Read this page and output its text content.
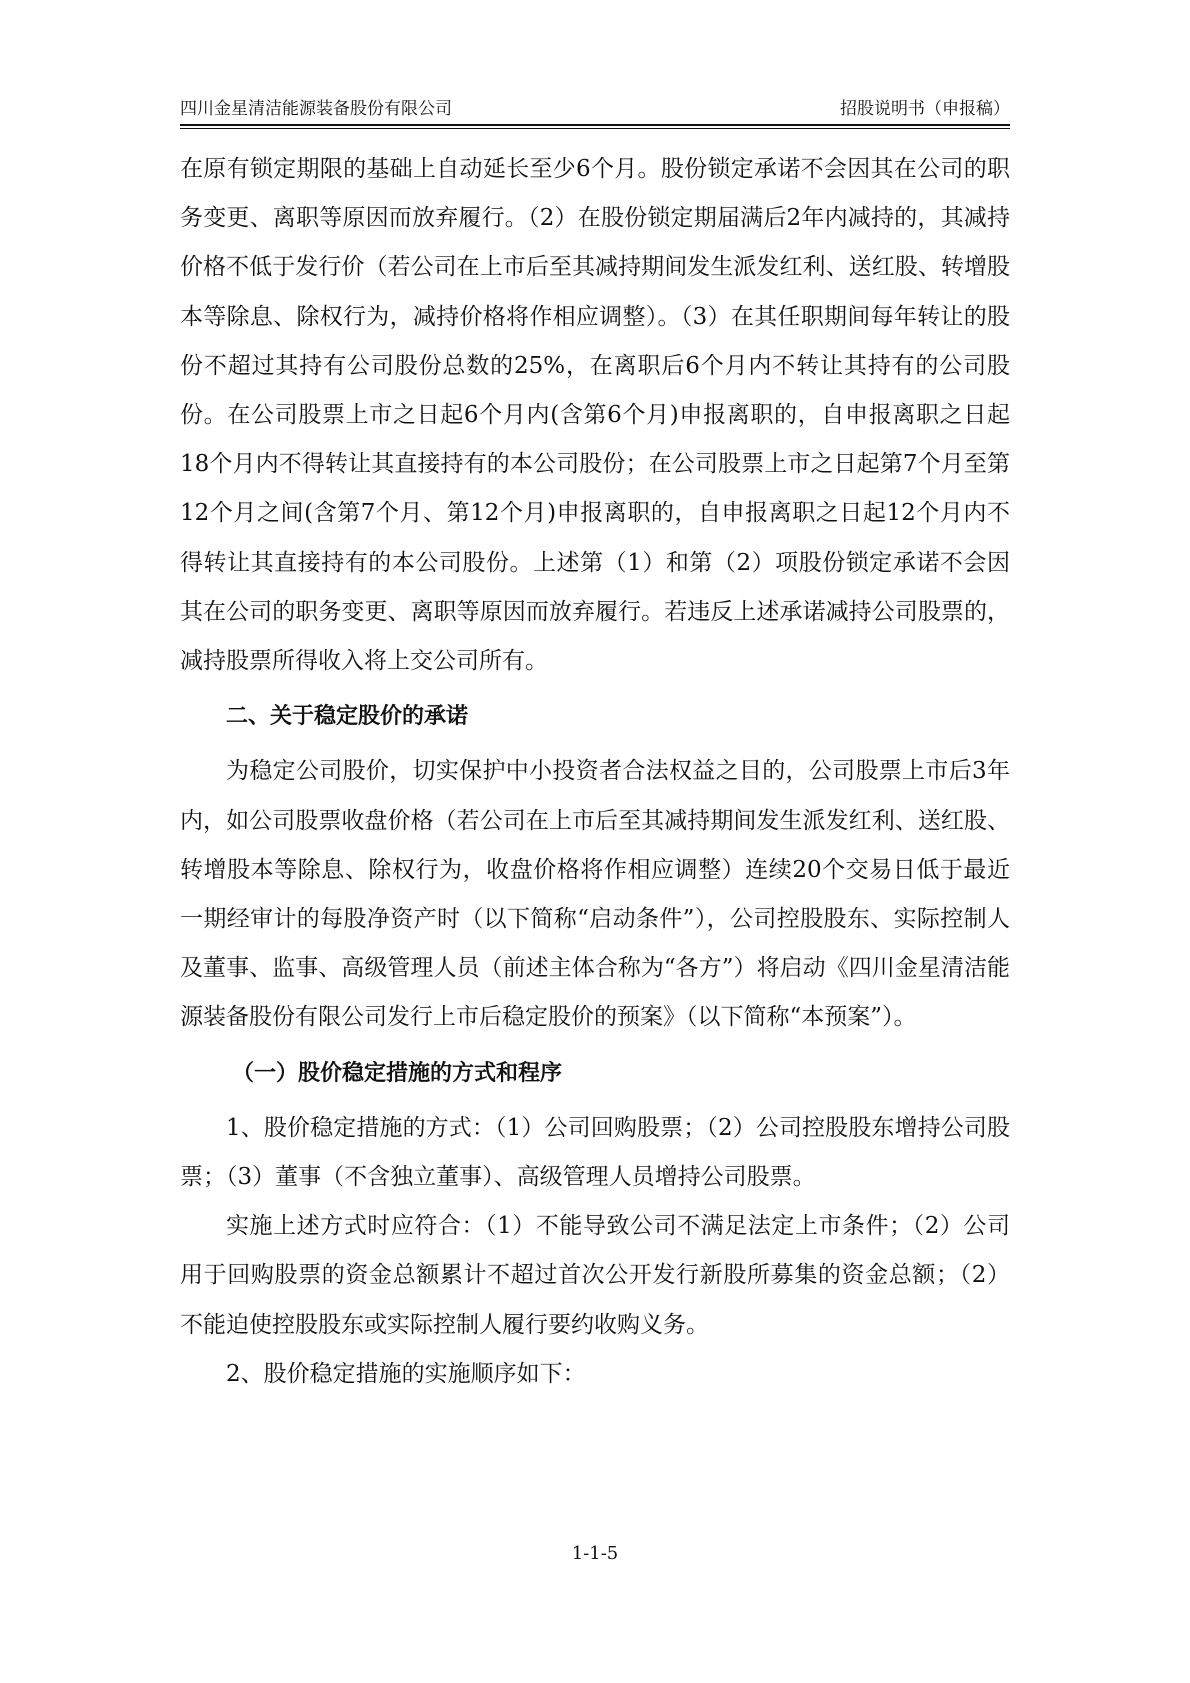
四川金星清洁能源装备股份有限公司	招股说明书（申报稿）

在原有锁定期限的基础上自动延长至少6个月。股份锁定承诺不会因其在公司的职务变更、离职等原因而放弃履行。（2）在股份锁定期届满后2年内减持的，其减持价格不低于发行价（若公司在上市后至其减持期间发生派发红利、送红股、转增股本等除息、除权行为，减持价格将作相应调整）。（3）在其任职期间每年转让的股份不超过其持有公司股份总数的25%，在离职后6个月内不转让其持有的公司股份。在公司股票上市之日起6个月内(含第6个月)申报离职的，自申报离职之日起18个月内不得转让其直接持有的本公司股份；在公司股票上市之日起第7个月至第12个月之间(含第7个月、第12个月)申报离职的，自申报离职之日起12个月内不得转让其直接持有的本公司股份。上述第（1）和第（2）项股份锁定承诺不会因其在公司的职务变更、离职等原因而放弃履行。若违反上述承诺减持公司股票的，减持股票所得收入将上交公司所有。

二、关于稳定股价的承诺

为稳定公司股价，切实保护中小投资者合法权益之目的，公司股票上市后3年内，如公司股票收盘价格（若公司在上市后至其减持期间发生派发红利、送红股、转增股本等除息、除权行为，收盘价格将作相应调整）连续20个交易日低于最近一期经审计的每股净资产时（以下简称“启动条件”），公司控股股东、实际控制人及董事、监事、高级管理人员（前述主体合称为“各方”）将启动《四川金星清洁能源装备股份有限公司发行上市后稳定股价的预案》（以下简称“本预案”）。

（一）股价稳定措施的方式和程序

1、股价稳定措施的方式：（1）公司回购股票；（2）公司控股股东增持公司股票；（3）董事（不含独立董事）、高级管理人员增持公司股票。

实施上述方式时应符合：（1）不能导致公司不满足法定上市条件；（2）公司用于回购股票的资金总额累计不超过首次公开发行新股所募集的资金总额；（2）不能迫使控股股东或实际控制人履行要约收购义务。

2、股价稳定措施的实施顺序如下：

1-1-5
